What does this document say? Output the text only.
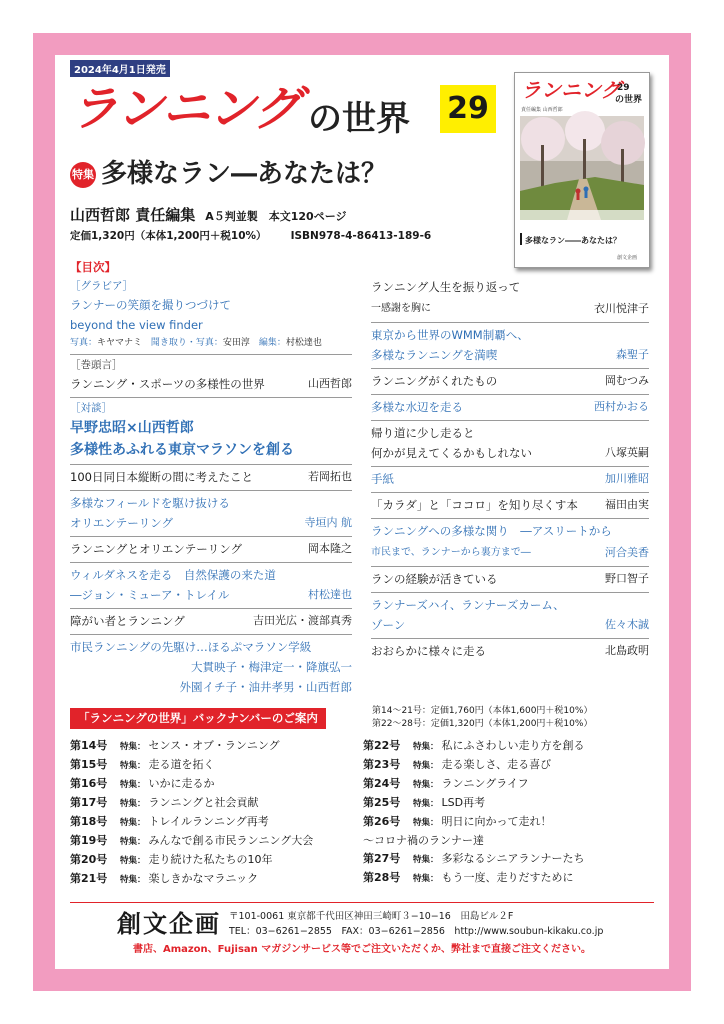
2024年4月1日発売
ランニング の世界 29
ランニング
29
の世界
責任編集 山西哲郎
多様なラン――あなたは？
創文企画
特集 多様なラン―あなたは？
山西哲郎 責任編集 A５判並製　本文120ページ
定価1,320円（本体1,200円＋税10%） ISBN978-4-86413-189-6
【目次】
［グラビア］
ランナーの笑顔を撮りつづけて
beyond the view finder
写真：キヤマナミ 聞き取り・写真：安田淳 編集：村松達也
［巻頭言］
ランニング・スポーツの多様性の世界	山西哲郎
［対談］
早野忠昭×山西哲郎
多様性あふれる東京マラソンを創る
100日同日本縦断の間に考えたこと	若岡拓也
多様なフィールドを駆け抜ける
オリエンテーリング	寺垣内 航
ランニングとオリエンテーリング	岡本隆之
ウィルダネスを走る　自然保護の来た道
―ジョン・ミューア・トレイル	村松達也
障がい者とランニング	吉田光広・渡部真秀
市民ランニングの先駆け…ほるぷマラソン学級
大貫映子・梅津定一・降旗弘一
外園イチ子・油井孝男・山西哲郎
ランニング人生を振り返って
一感謝を胸に	衣川悦津子
東京から世界のWMM制覇へ、
多様なランニングを満喫	森聖子
ランニングがくれたもの	岡むつみ
多様な水辺を走る	西村かおる
帰り道に少し走ると
何かが見えてくるかもしれない	八塚英嗣
手紙	加川雅昭
「カラダ」と「ココロ」を知り尽くす本 福田由実
ランニングへの多様な関り　―アスリートから
市民まで、ランナーから裏方まで―	河合美香
ランの経験が活きている	野口智子
ランナーズハイ、ランナーズカーム、
ゾーン	佐々木誠
おおらかに様々に走る	北島政明
「ランニングの世界」バックナンバーのご案内	第14〜21号：定価1,760円（本体1,600円＋税10%）
第22〜28号：定価1,320円（本体1,200円＋税10%）
第14号 特集： センス・オブ・ランニング
第15号 特集： 走る道を拓く
第16号 特集： いかに走るか
第17号 特集： ランニングと社会貢献
第18号 特集： トレイルランニング再考
第19号 特集： みんなで創る市民ランニング大会
第20号 特集： 走り続けた私たちの10年
第21号 特集： 楽しきかなマラニック
第22号 特集： 私にふさわしい走り方を創る
第23号 特集： 走る楽しさ、走る喜び
第24号 特集： ランニングライフ
第25号 特集： LSD再考
第26号 特集： 明日に向かって走れ！
〜コロナ禍のランナー達
第27号 特集： 多彩なるシニアランナーたち
第28号 特集： もう一度、走りだすために
創文企画 〒101-0061 東京都千代田区神田三崎町３−10−16　田島ビル２F
TEL：03−6261−2855　FAX：03−6261−2856　http://www.soubun-kikaku.co.jp
書店、Amazon、Fujisan マガジンサービス等でご注文いただくか、弊社まで直接ご注文ください。
